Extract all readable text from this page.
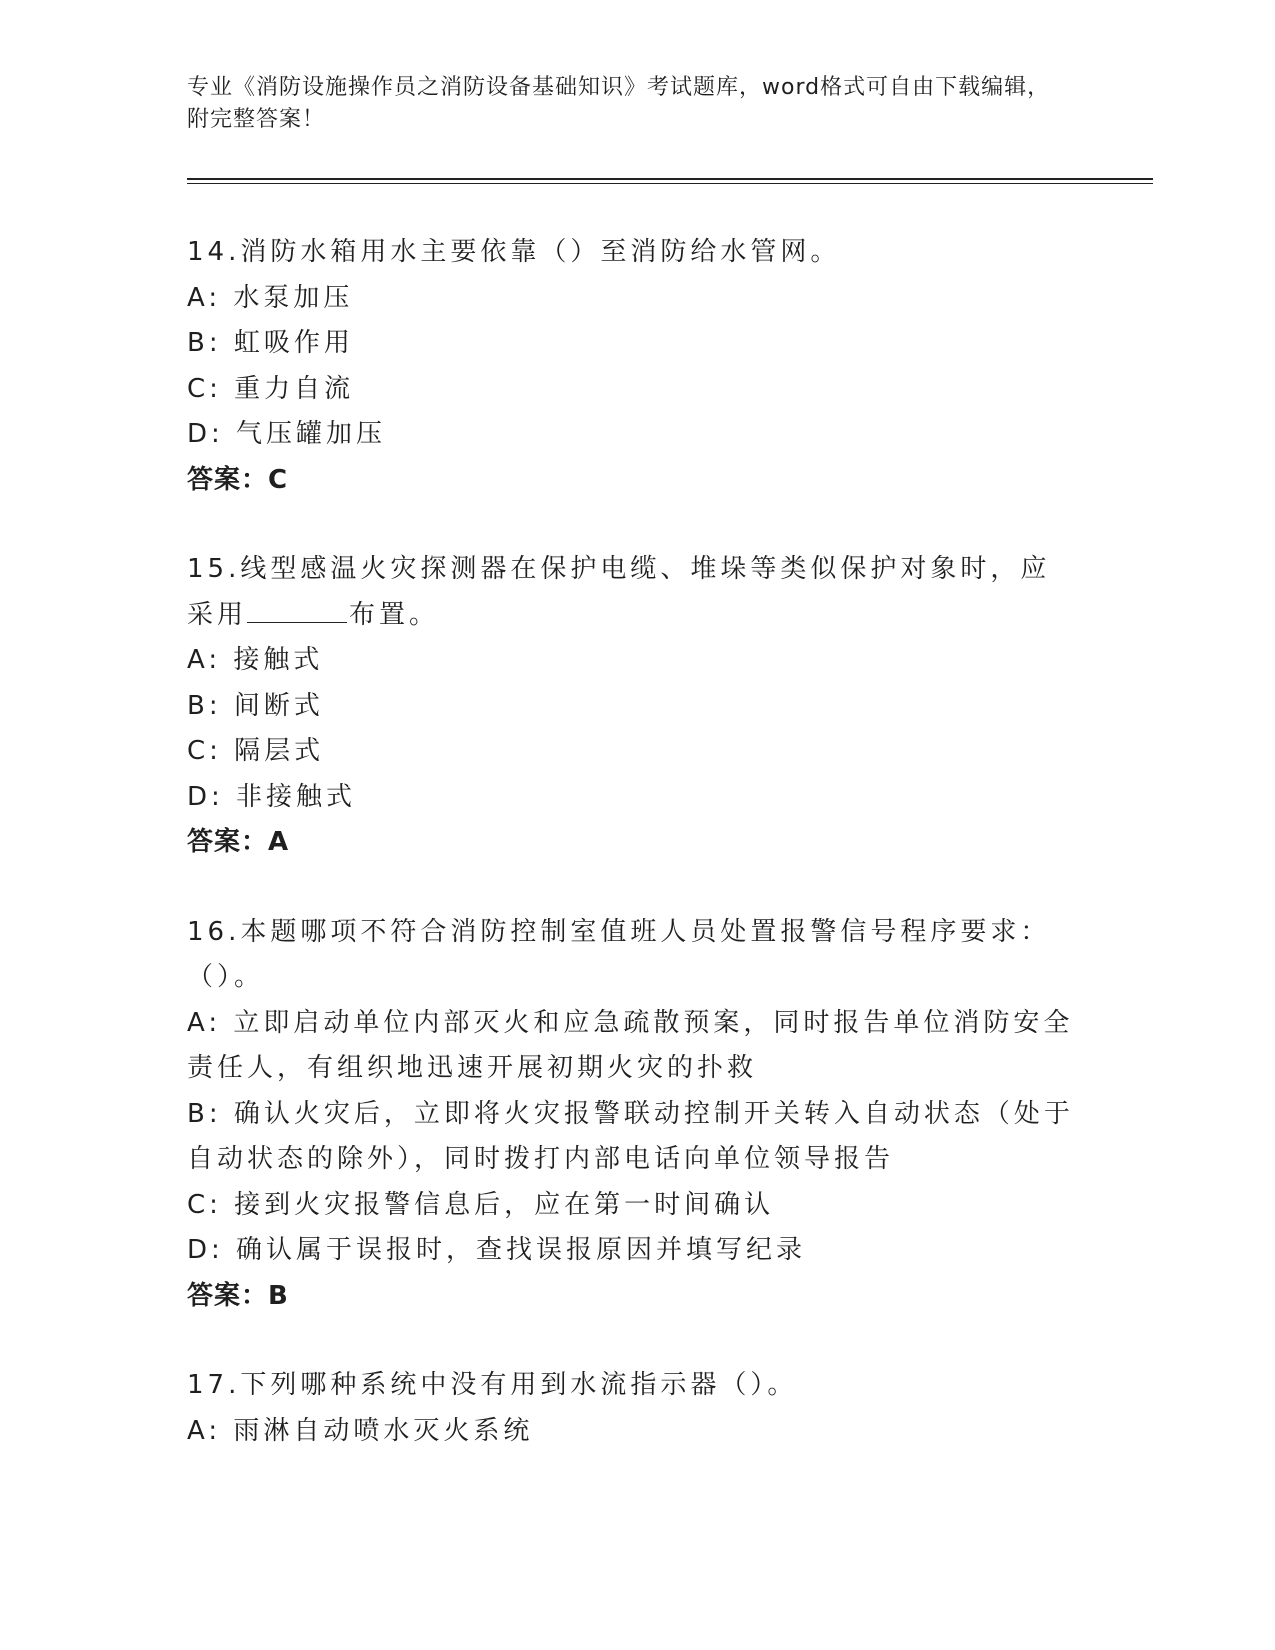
专业《消防设施操作员之消防设备基础知识》考试题库，word格式可自由下载编辑，附完整答案！
14.消防水箱用水主要依靠（）至消防给水管网。
A: 水泵加压
B: 虹吸作用
C: 重力自流
D: 气压罐加压
答案：C
15.线型感温火灾探测器在保护电缆、堆垛等类似保护对象时，应采用	布置。
A: 接触式
B: 间断式
C: 隔层式
D: 非接触式
答案：A
16.本题哪项不符合消防控制室值班人员处置报警信号程序要求：（）。
A: 立即启动单位内部灭火和应急疏散预案，同时报告单位消防安全责任人，有组织地迅速开展初期火灾的扑救
B: 确认火灾后，立即将火灾报警联动控制开关转入自动状态（处于自动状态的除外），同时拨打内部电话向单位领导报告
C: 接到火灾报警信息后，应在第一时间确认
D: 确认属于误报时，查找误报原因并填写纪录
答案：B
17.下列哪种系统中没有用到水流指示器（）。
A: 雨淋自动喷水灭火系统
